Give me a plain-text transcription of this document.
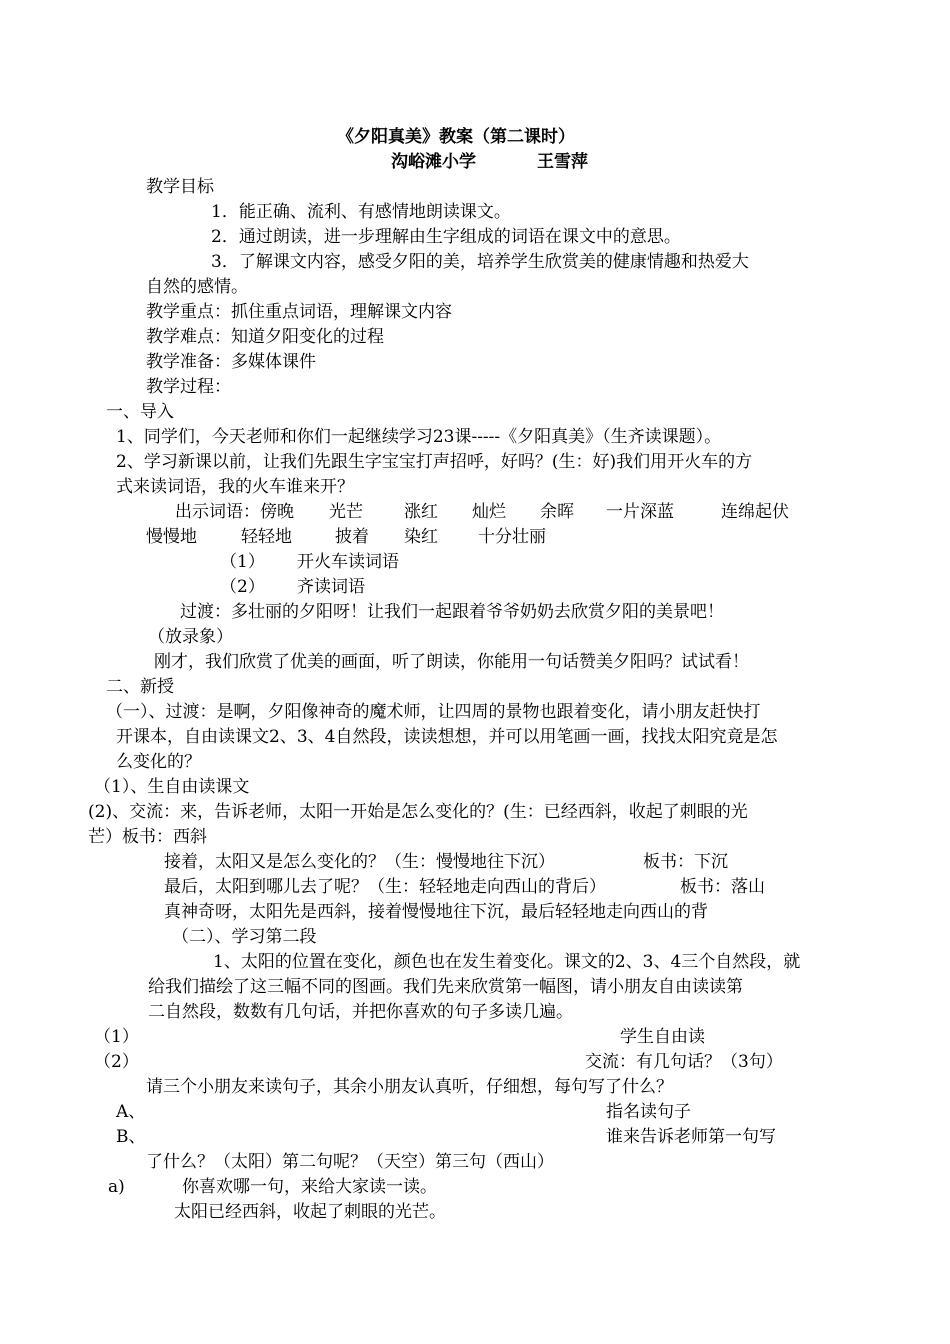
《夕阳真美》教案（第二课时）
沟峪滩小学	王雪萍
教学目标
1．能正确、流利、有感情地朗读课文。
2．通过朗读，进一步理解由生字组成的词语在课文中的意思。
3．了解课文内容，感受夕阳的美，培养学生欣赏美的健康情趣和热爱大
自然的感情。
教学重点：抓住重点词语，理解课文内容
教学难点：知道夕阳变化的过程
教学准备：多媒体课件
教学过程：
一、导入
1、同学们，今天老师和你们一起继续学习23课-----《夕阳真美》（生齐读课题）。
2、学习新课以前，让我们先跟生字宝宝打声招呼，好吗？(生：好)我们用开火车的方
式来读词语，我的火车谁来开？
出示词语： 傍晚 光芒 涨红 灿烂 余晖 一片深蓝	连绵起伏
慢慢地	轻轻地	披着 染红 十分壮丽
（1） 开火车读词语
（2） 齐读词语
过渡：多壮丽的夕阳呀！让我们一起跟着爷爷奶奶去欣赏夕阳的美景吧！
（放录象）
刚才，我们欣赏了优美的画面，听了朗读，你能用一句话赞美夕阳吗？试试看！
二、新授
（一）、过渡：是啊，夕阳像神奇的魔术师，让四周的景物也跟着变化，请小朋友赶快打
开课本，自由读课文2、3、4自然段，读读想想，并可以用笔画一画，找找太阳究竟是怎
么变化的？
（1）、生自由读课文
(2)、交流：来，告诉老师，太阳一开始是怎么变化的？(生：已经西斜，收起了刺眼的光
芒）板书：西斜
接着，太阳又是怎么变化的？（生：慢慢地往下沉）	板书：下沉
最后，太阳到哪儿去了呢？（生：轻轻地走向西山的背后）	板书：落山
真神奇呀，太阳先是西斜，接着慢慢地往下沉，最后轻轻地走向西山的背
（二）、学习第二段
1、太阳的位置在变化，颜色也在发生着变化。课文的2、3、4三个自然段，就
给我们描绘了这三幅不同的图画。我们先来欣赏第一幅图，请小朋友自由读读第
二自然段，数数有几句话，并把你喜欢的句子多读几遍。
（1）	学生自由读
（2）	交流：有几句话？（3句）
请三个小朋友来读句子，其余小朋友认真听，仔细想，每句写了什么？
A、	指名读句子
B、	谁来告诉老师第一句写
了什么？（太阳）第二句呢？（天空）第三句（西山）
a)	你喜欢哪一句，来给大家读一读。
太阳已经西斜，收起了刺眼的光芒。
